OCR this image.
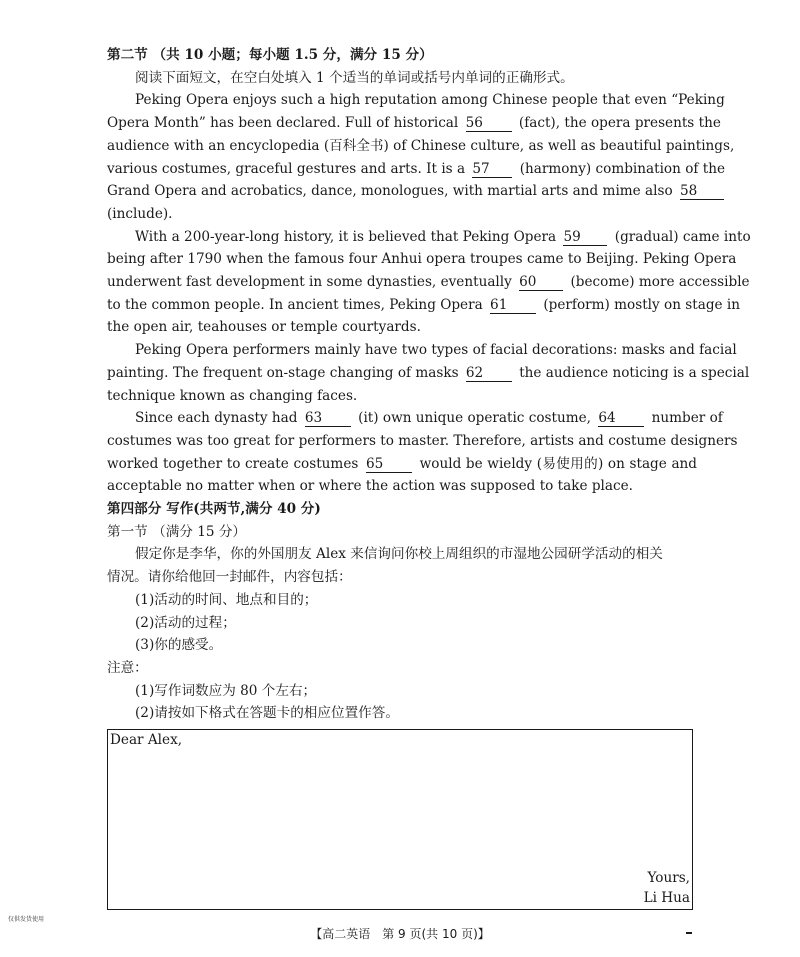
第二节 （共 10 小题；每小题 1.5 分，满分 15 分）
阅读下面短文，在空白处填入 1 个适当的单词或括号内单词的正确形式。
Peking Opera enjoys such a high reputation among Chinese people that even “Peking
Opera Month” has been declared. Full of historical 56	(fact), the opera presents the
audience with an encyclopedia (百科全书) of Chinese culture, as well as beautiful paintings,
various costumes, graceful gestures and arts. It is a 57 (harmony) combination of the
Grand Opera and acrobatics, dance, monologues, with martial arts and mime also 58
(include).
With a 200-year-long history, it is believed that Peking Opera 59	(gradual) came into
being after 1790 when the famous four Anhui opera troupes came to Beijing. Peking Opera
underwent fast development in some dynasties, eventually 60	(become) more accessible
to the common people. In ancient times, Peking Opera 61	(perform) mostly on stage in
the open air, teahouses or temple courtyards.
Peking Opera performers mainly have two types of facial decorations: masks and facial
painting. The frequent on-stage changing of masks 62	the audience noticing is a special
technique known as changing faces.
Since each dynasty had 63	(it) own unique operatic costume, 64	number of
costumes was too great for performers to master. Therefore, artists and costume designers
worked together to create costumes 65	would be wieldy (易使用的) on stage and
acceptable no matter when or where the action was supposed to take place.
第四部分 写作(共两节,满分 40 分)
第一节 （满分 15 分）
假定你是李华，你的外国朋友 Alex 来信询问你校上周组织的市湿地公园研学活动的相关
情况。请你给他回一封邮件，内容包括：
(1)活动的时间、地点和目的；
(2)活动的过程；
(3)你的感受。
注意：
(1)写作词数应为 80 个左右；
(2)请按如下格式在答题卡的相应位置作答。
Dear Alex,
Yours,
Li Hua
仅供发货使用
【高二英语　第 9 页(共 10 页)】
